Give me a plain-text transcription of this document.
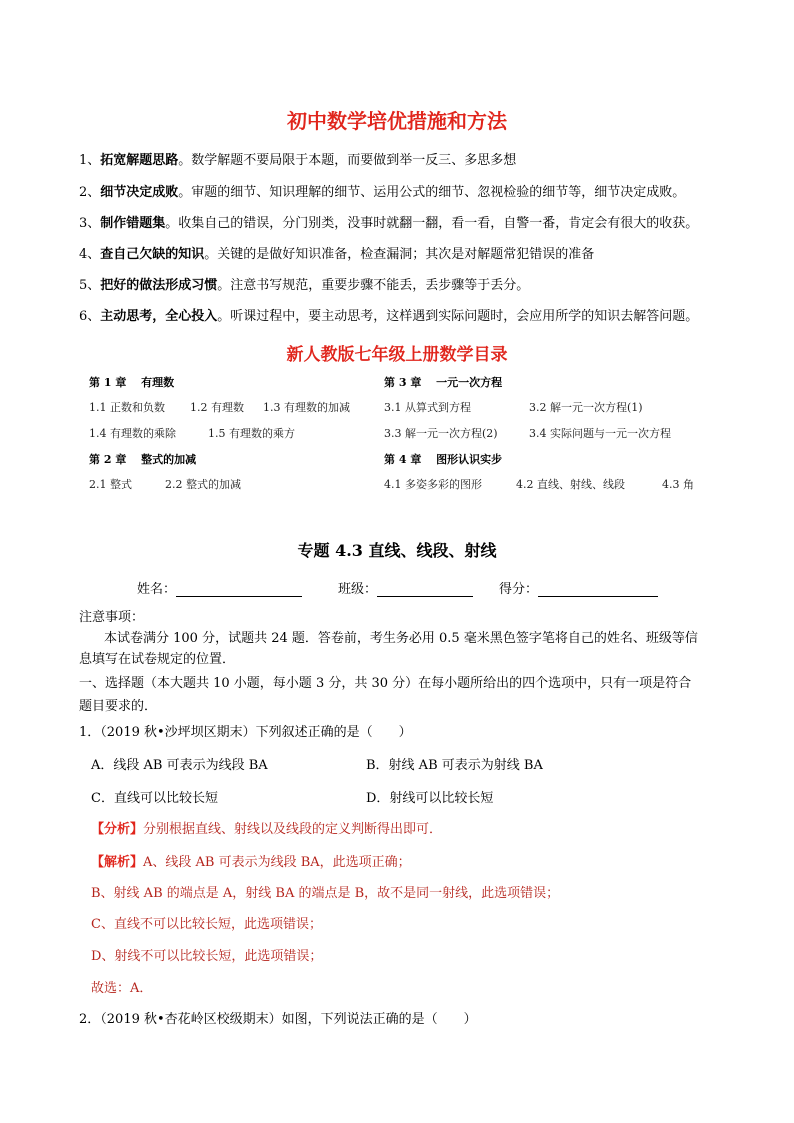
初中数学培优措施和方法
1、拓宽解题思路。数学解题不要局限于本题，而要做到举一反三、多思多想
2、细节决定成败。审题的细节、知识理解的细节、运用公式的细节、忽视检验的细节等，细节决定成败。
3、制作错题集。收集自己的错误，分门别类，没事时就翻一翻，看一看，自警一番，肯定会有很大的收获。
4、查自己欠缺的知识。关键的是做好知识准备，检查漏洞；其次是对解题常犯错误的准备
5、把好的做法形成习惯。注意书写规范，重要步骤不能丢，丢步骤等于丢分。
6、主动思考，全心投入。听课过程中，要主动思考，这样遇到实际问题时，会应用所学的知识去解答问题。
新人教版七年级上册数学目录
第 1 章　 有理数
1.1 正数和负数 1.2 有理数 1.3 有理数的加减
1.4 有理数的乘除	1.5 有理数的乘方
第 2 章　 整式的加减
2.1 整式	2.2 整式的加减
第 3 章　 一元一次方程
3.1 从算式到方程	3.2 解一元一次方程(1)
3.3 解一元一次方程(2)	3.4 实际问题与一元一次方程
第 4 章　 图形认识实步
4.1 多姿多彩的图形	4.2 直线、射线、线段	4.3 角
专题 4.3 直线、线段、射线
姓名：	班级：	得分：
注意事项：
本试卷满分 100 分，试题共 24 题．答卷前，考生务必用 0.5 毫米黑色签字笔将自己的姓名、班级等信
息填写在试卷规定的位置．
一、选择题（本大题共 10 小题，每小题 3 分，共 30 分）在每小题所给出的四个选项中，只有一项是符合
题目要求的．
1．（2019 秋•沙坪坝区期末）下列叙述正确的是（　　）
A．线段 AB 可表示为线段 BA	B．射线 AB 可表示为射线 BA
C．直线可以比较长短	D．射线可以比较长短
【分析】分别根据直线、射线以及线段的定义判断得出即可．
【解析】A、线段 AB 可表示为线段 BA，此选项正确；
B、射线 AB 的端点是 A，射线 BA 的端点是 B，故不是同一射线，此选项错误；
C、直线不可以比较长短，此选项错误；
D、射线不可以比较长短，此选项错误；
故选：A．
2．（2019 秋•杏花岭区校级期末）如图，下列说法正确的是（　　）
